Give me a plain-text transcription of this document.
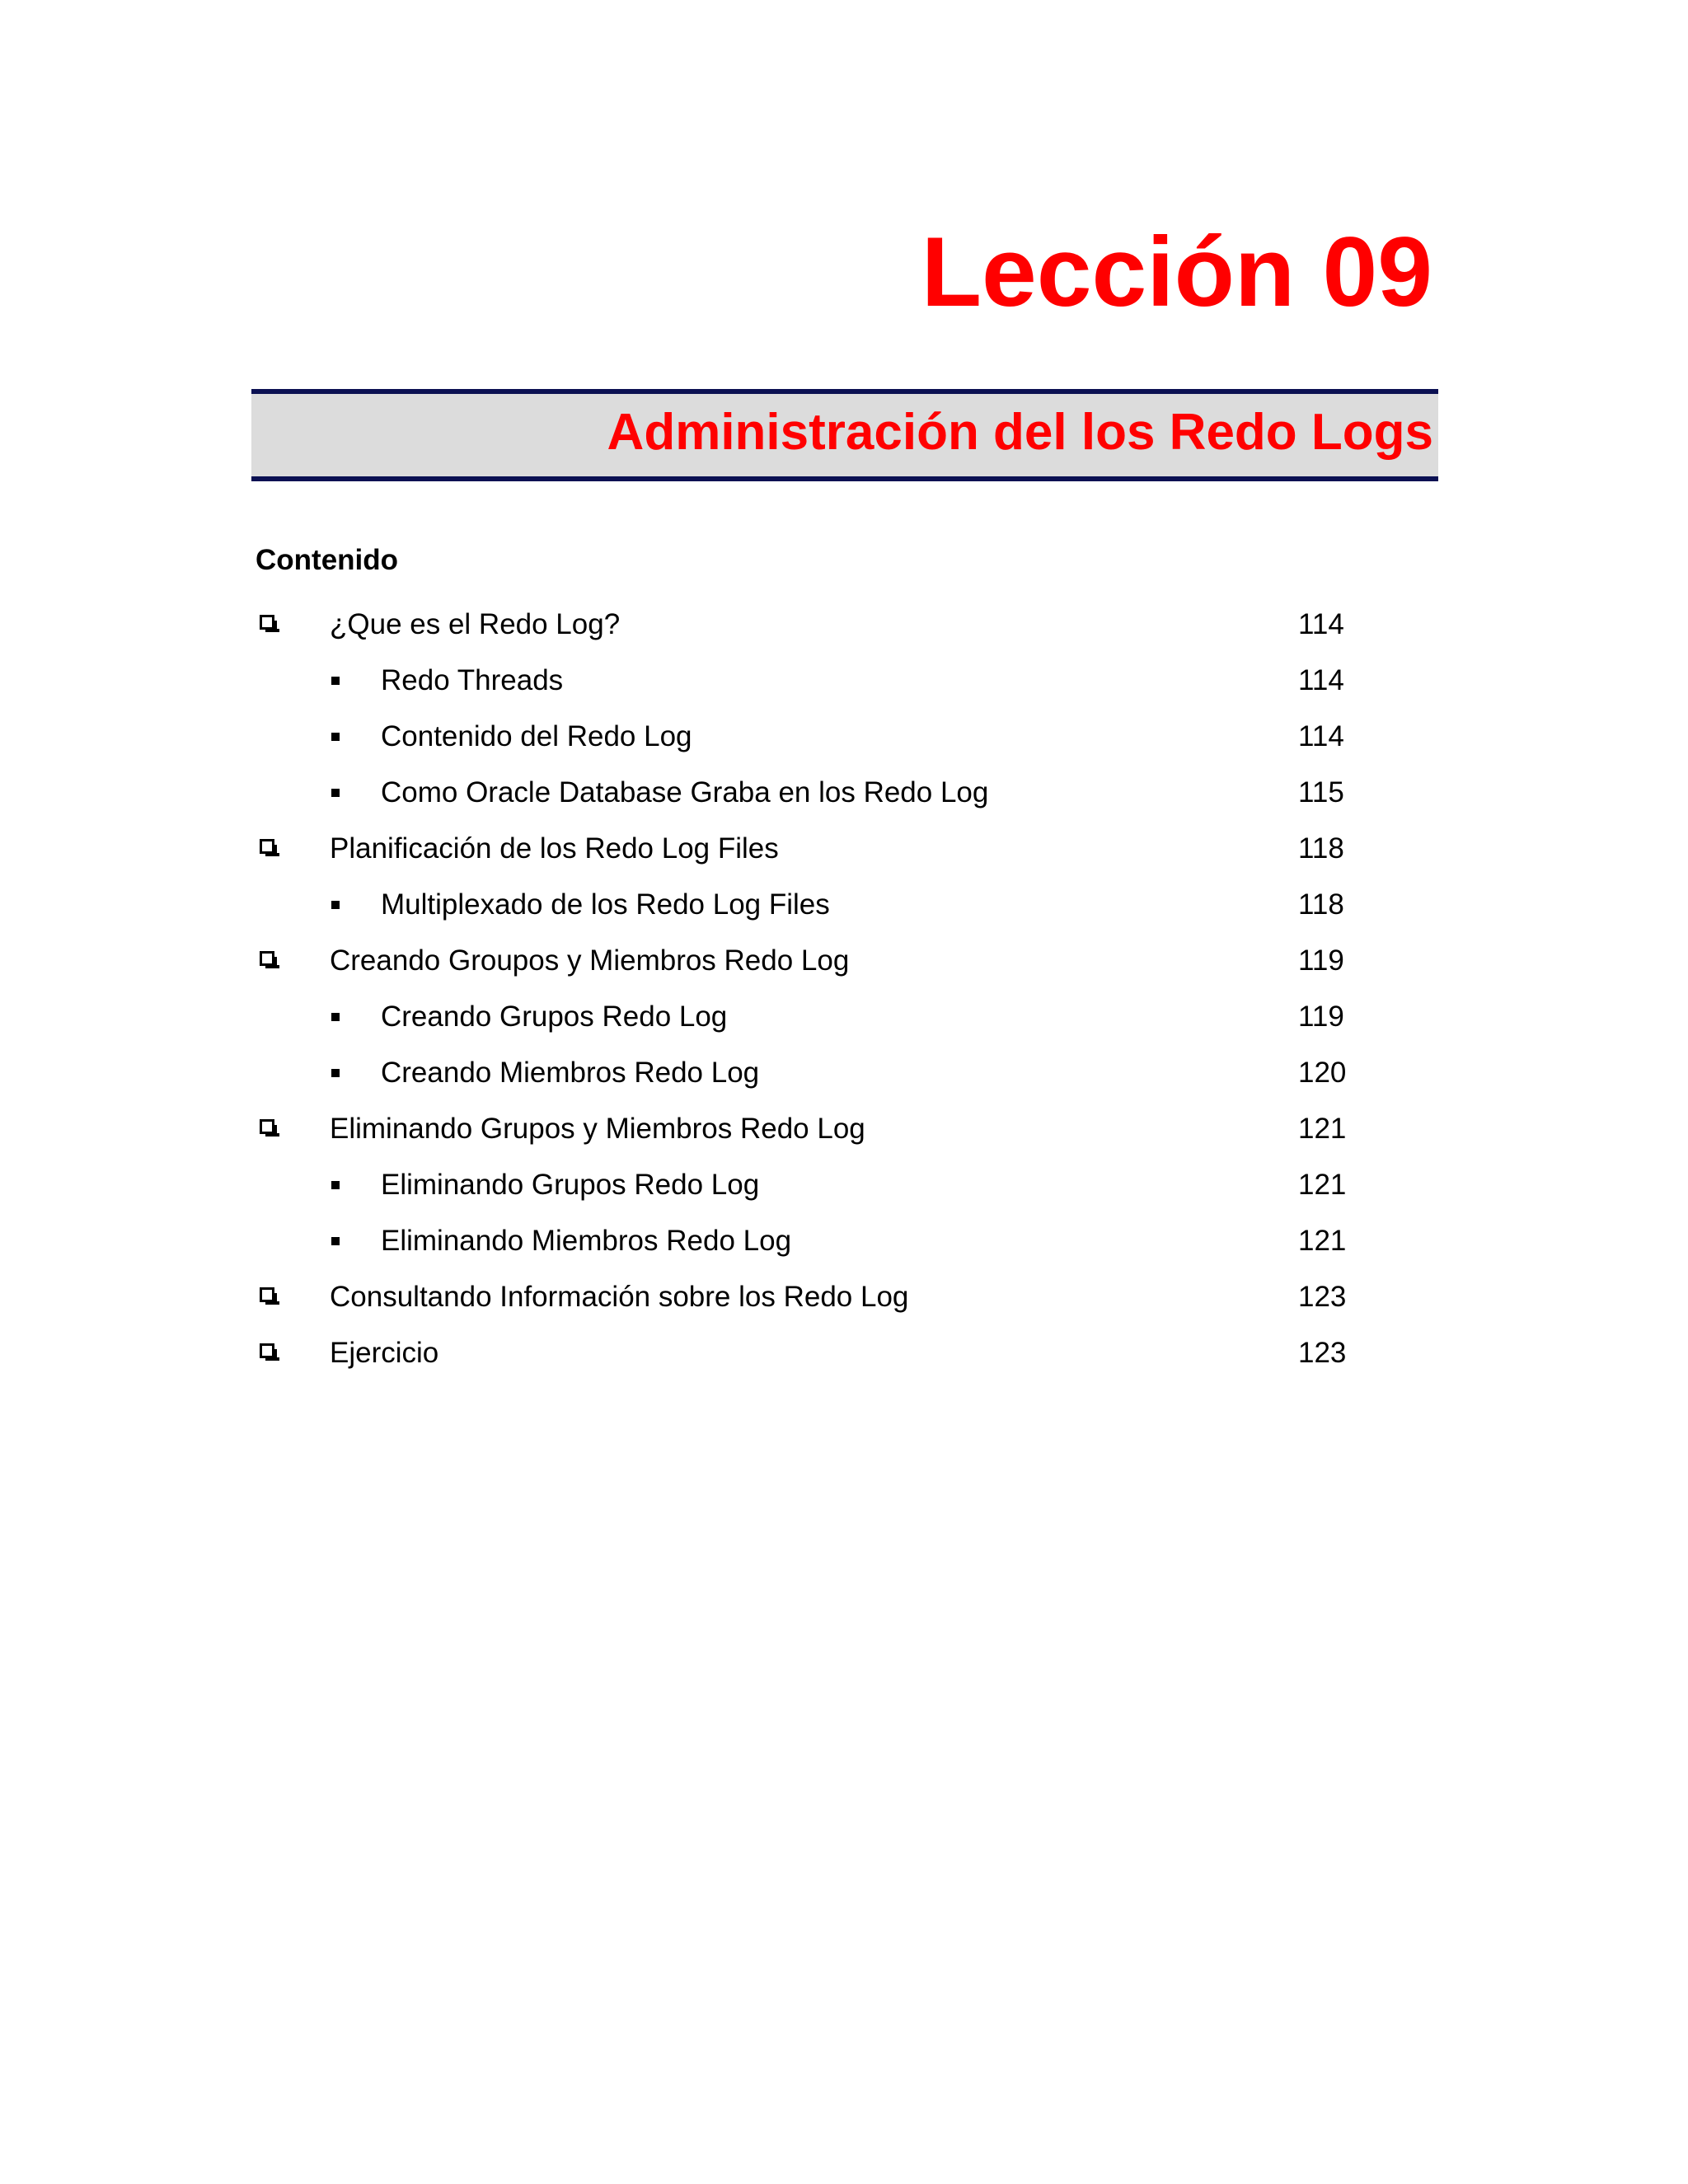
Lección 09
Administración del los Redo Logs
Contenido
¿Que es el Redo Log?	114
Redo Threads	114
Contenido del Redo Log	114
Como Oracle Database Graba en los Redo Log	115
Planificación de los Redo Log Files	118
Multiplexado de los Redo Log Files	118
Creando Groupos y Miembros Redo Log	119
Creando Grupos Redo Log	119
Creando Miembros Redo Log	120
Eliminando Grupos y Miembros Redo Log	121
Eliminando Grupos Redo Log	121
Eliminando Miembros Redo Log	121
Consultando Información sobre los Redo Log	123
Ejercicio	123
